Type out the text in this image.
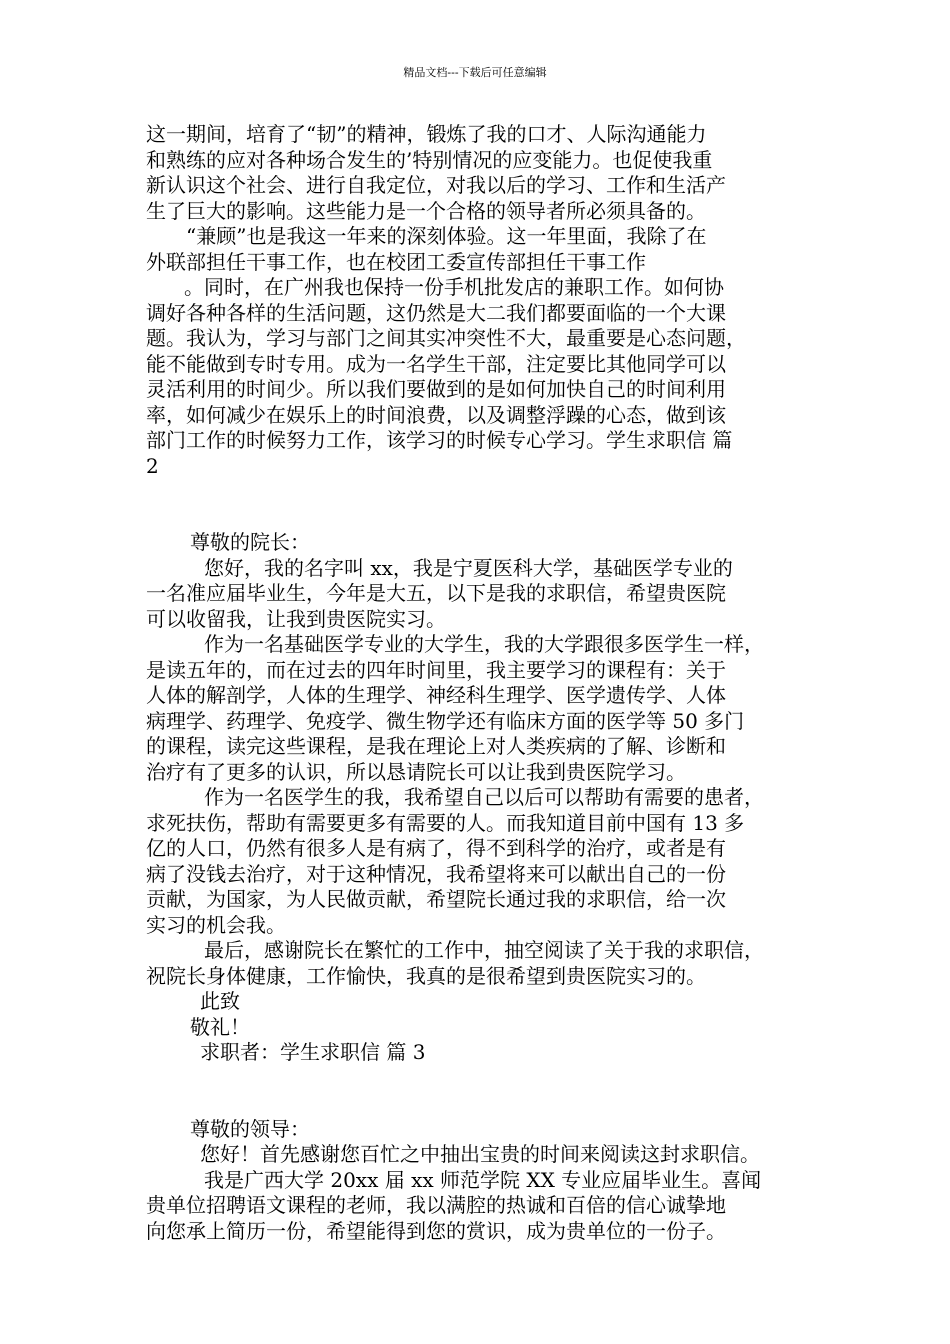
精品文档---下载后可任意编辑
这一期间，培育了“韧”的精神，锻炼了我的口才、人际沟通能力
和熟练的应对各种场合发生的’特别情况的应变能力。也促使我重
新认识这个社会、进行自我定位，对我以后的学习、工作和生活产
生了巨大的影响。这些能力是一个合格的领导者所必须具备的。
“兼顾”也是我这一年来的深刻体验。这一年里面，我除了在
外联部担任干事工作，也在校团工委宣传部担任干事工作
。同时，在广州我也保持一份手机批发店的兼职工作。如何协
调好各种各样的生活问题，这仍然是大二我们都要面临的一个大课
题。我认为，学习与部门之间其实冲突性不大，最重要是心态问题，
能不能做到专时专用。成为一名学生干部，注定要比其他同学可以
灵活利用的时间少。所以我们要做到的是如何加快自己的时间利用
率，如何减少在娱乐上的时间浪费，以及调整浮躁的心态，做到该
部门工作的时候努力工作，该学习的时候专心学习。学生求职信 篇
2
尊敬的院长：
您好，我的名字叫 xx，我是宁夏医科大学，基础医学专业的
一名准应届毕业生，今年是大五，以下是我的求职信，希望贵医院
可以收留我，让我到贵医院实习。
作为一名基础医学专业的大学生，我的大学跟很多医学生一样，
是读五年的，而在过去的四年时间里，我主要学习的课程有：关于
人体的解剖学，人体的生理学、神经科生理学、医学遗传学、人体
病理学、药理学、免疫学、微生物学还有临床方面的医学等 50 多门
的课程，读完这些课程，是我在理论上对人类疾病的了解、诊断和
治疗有了更多的认识，所以恳请院长可以让我到贵医院学习。
作为一名医学生的我，我希望自己以后可以帮助有需要的患者，
求死扶伤，帮助有需要更多有需要的人。而我知道目前中国有 13 多
亿的人口，仍然有很多人是有病了，得不到科学的治疗，或者是有
病了没钱去治疗，对于这种情况，我希望将来可以献出自己的一份
贡献，为国家，为人民做贡献，希望院长通过我的求职信，给一次
实习的机会我。
最后，感谢院长在繁忙的工作中，抽空阅读了关于我的求职信，
祝院长身体健康，工作愉快，我真的是很希望到贵医院实习的。
此致
敬礼！
求职者：学生求职信 篇 3
尊敬的领导：
您好！首先感谢您百忙之中抽出宝贵的时间来阅读这封求职信。
我是广西大学 20xx 届 xx 师范学院 XX 专业应届毕业生。喜闻
贵单位招聘语文课程的老师，我以满腔的热诚和百倍的信心诚挚地
向您承上简历一份，希望能得到您的赏识，成为贵单位的一份子。
